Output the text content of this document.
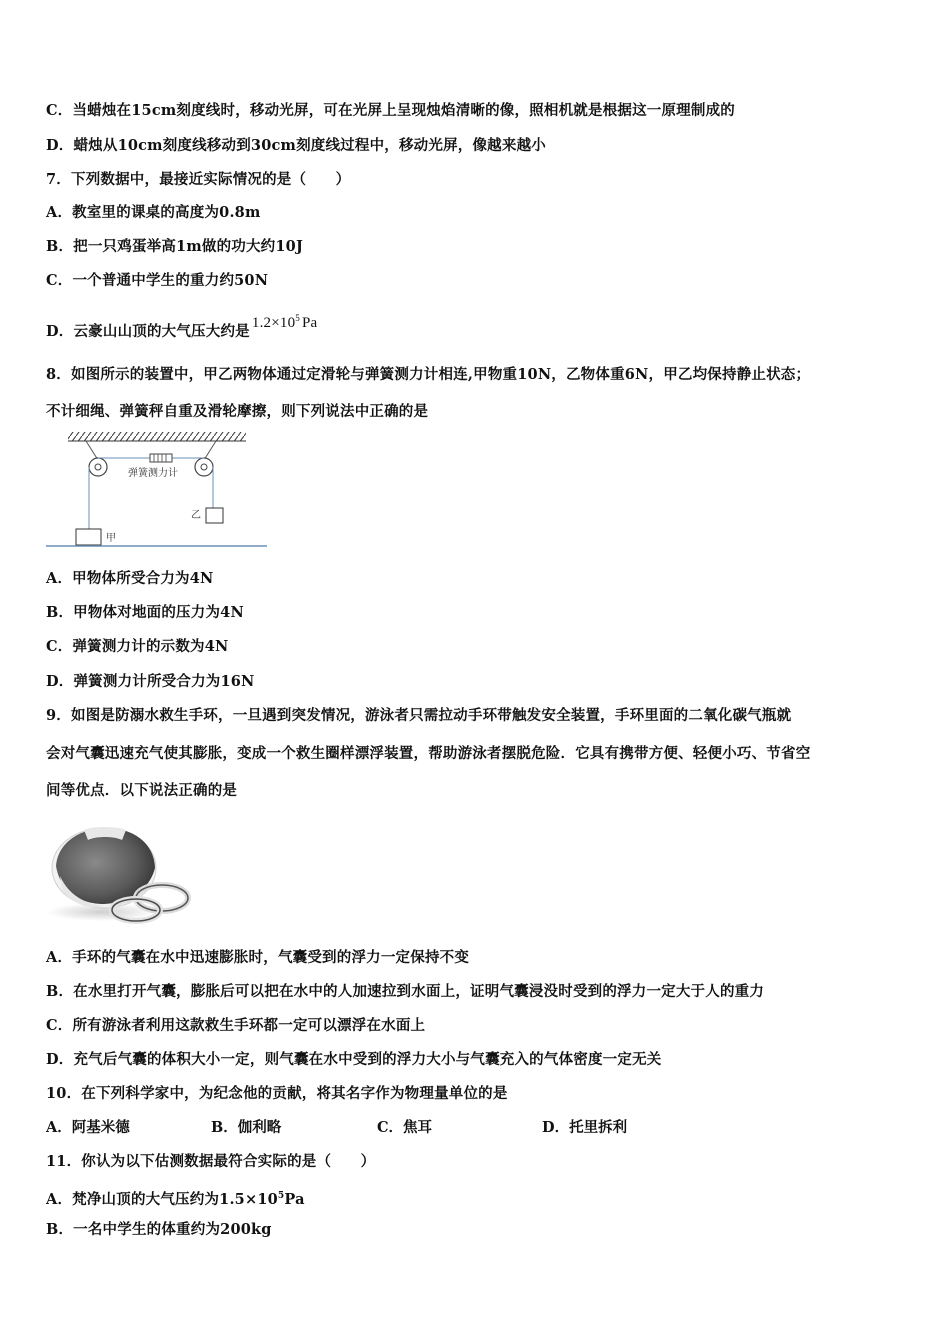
C．当蜡烛在15cm刻度线时，移动光屏，可在光屏上呈现烛焰清晰的像，照相机就是根据这一原理制成的
D．蜡烛从10cm刻度线移动到30cm刻度线过程中，移动光屏，像越来越小
7．下列数据中，最接近实际情况的是（　　）
A．教室里的课桌的高度为0.8m
B．把一只鸡蛋举高1m做的功大约10J
C．一个普通中学生的重力约50N
D．云豪山山顶的大气压大约是 $1.2\times 10^5$ Pa
8．如图所示的装置中，甲乙两物体通过定滑轮与弹簧测力计相连,甲物重10N，乙物体重6N，甲乙均保持静止状态；
不计细绳、弹簧秤自重及滑轮摩擦，则下列说法中正确的是
弹簧测力计
甲
乙
A．甲物体所受合力为4N
B．甲物体对地面的压力为4N
C．弹簧测力计的示数为4N
D．弹簧测力计所受合力为16N
9．如图是防溺水救生手环，一旦遇到突发情况，游泳者只需拉动手环带触发安全装置，手环里面的二氧化碳气瓶就
会对气囊迅速充气使其膨胀，变成一个救生圈样漂浮装置，帮助游泳者摆脱危险．它具有携带方便、轻便小巧、节省空
间等优点．以下说法正确的是
A．手环的气囊在水中迅速膨胀时，气囊受到的浮力一定保持不变
B．在水里打开气囊，膨胀后可以把在水中的人加速拉到水面上，证明气囊浸没时受到的浮力一定大于人的重力
C．所有游泳者利用这款救生手环都一定可以漂浮在水面上
D．充气后气囊的体积大小一定，则气囊在水中受到的浮力大小与气囊充入的气体密度一定无关
10．在下列科学家中，为纪念他的贡献，将其名字作为物理量单位的是
A．阿基米德	B．伽利略	C．焦耳	D．托里拆利
11．你认为以下估测数据最符合实际的是（　　）
A．梵净山顶的大气压约为$1.5\times 10^5Pa$
B．一名中学生的体重约为200kg
